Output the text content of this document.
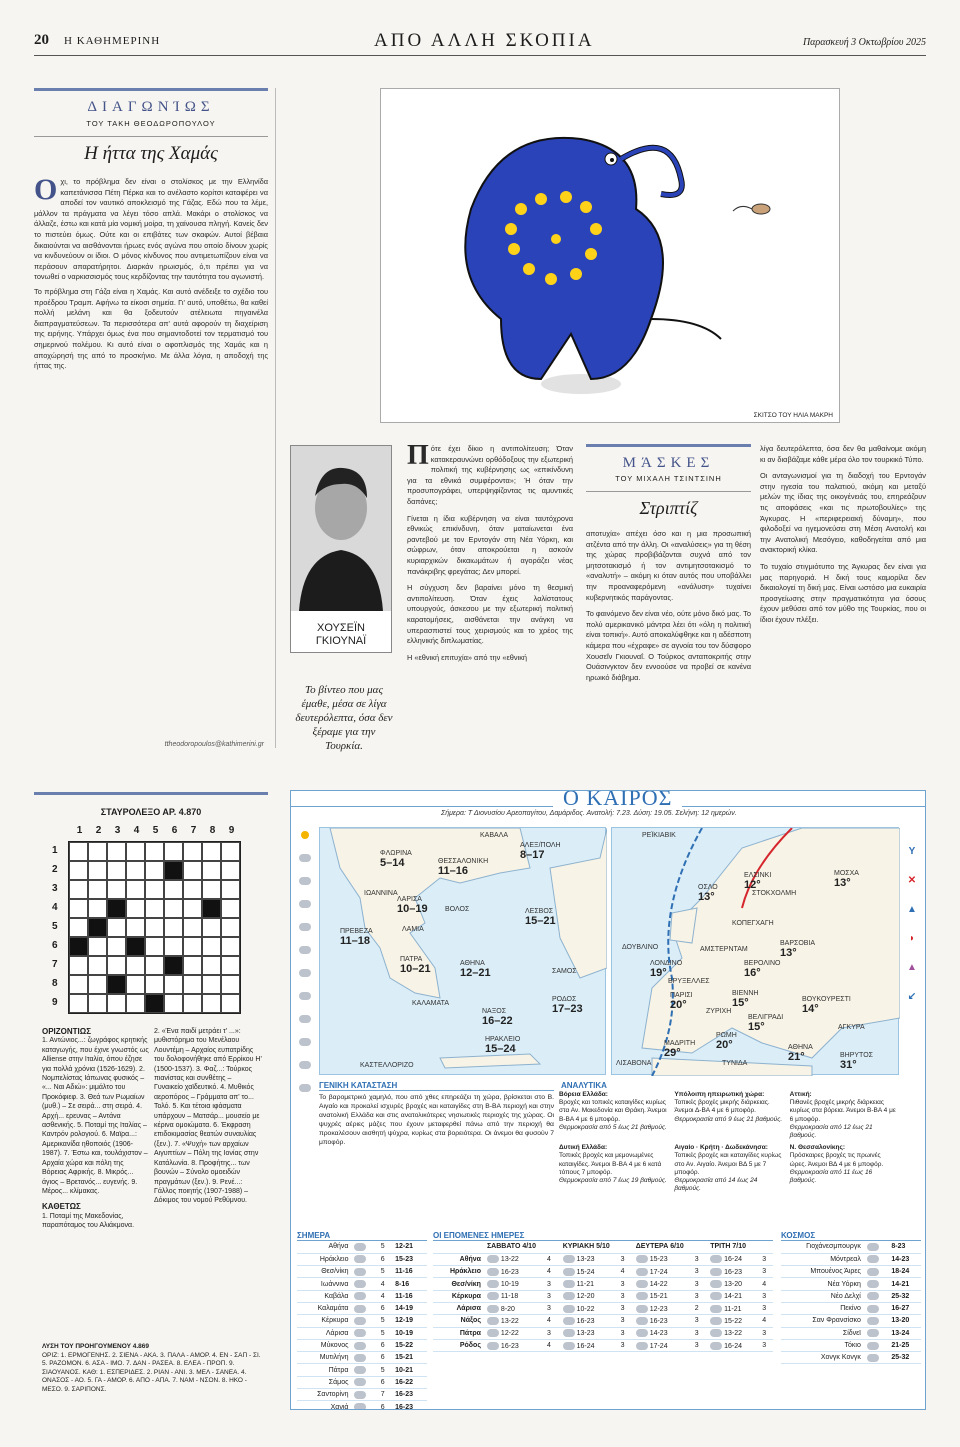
20 Η ΚΑΘΗΜΕΡΙΝΗ	ΑΠΟ ΑΛΛΗ ΣΚΟΠΙΑ	Παρασκευή 3 Οκτωβρίου 2025
ΔΙΑΓΩΝΊΩΣ
ΤΟΥ ΤΑΚΗ ΘΕΟΔΩΡΟΠΟΥΛΟΥ
Η ήττα της Χαμάς
Ο χι, το πρόβλημα δεν είναι ο στολίσκος με την Ελληνίδα καπετάνισσα Πέτη Πέρκα και το ανέλαστο κορίτσι καταφέρει να αποδεί τον ναυτικό αποκλεισμό της Γάζας. Εδώ που τα λέμε, μάλλον τα πράγματα να λέγει τόσο απλά. Μακάρι ο στολίσκος να άλλαζε, έστω και κατά μία νομική μοίρα, τη χαίνουσα πληγή. Κανείς δεν το πιστεύει όμως. Ούτε και οι επιβάτες των σκαφών. Αυτοί βέβαια δικαιούνται να αισθάνονται ήρωες ενός αγώνα που οποίο δίνουν χωρίς να κινδυνεύουν οι ίδιοι. Ο μόνος κίνδυνος που αντιμετωπίζουν είναι να περάσουν απαρατήρητοι. Διαρκάν ηρωισμός, ό,τι πρέπει για να τονωθεί ο ναρκισσισμός τους κερδίζοντας την ταυτότητα του αγωνιστή.

Το πρόβλημα στη Γάζα είναι η Χαμάς. Και αυτό ανέδειξε το σχέδιο του προέδρου Τραμπ. Αφήνω τα είκοσι σημεία. Γι' αυτό, υποθέτω, θα καθεί πολλή μελάνη και θα ξοδευτούν ατέλειωτα πηγαινέλα διαπραγματεύσεων. Τα περισσότερα απ' αυτά αφορούν τη διαχείριση της ειρήνης. Υπάρχει όμως ένα που σημαντοδοτεί τον τερματισμό του σημερινού πολέμου. Κι αυτό είναι ο αφοπλισμός της Χαμάς και η αποχώρησή της από το προσκήνιο. Με άλλα λόγια, η αποδοχή της ήττας της.

ttheodoropoulos@kathimerini.gr
ΣΚΙΤΣΟ ΤΟΥ ΗΛΙΑ ΜΑΚΡΗ
ΧΟΥΣΕΪΝ ΓΚΙΟΥΝΑΪ
Το βίντεο που μας έμαθε, μέσα σε λίγα δευτερόλεπτα, όσα δεν ξέραμε για την Τουρκία.
Π ότε έχει δίκιο η αντιπολίτευση; Όταν κατακεραυνώνει ορθόδοξους την εξωτερική πολιτική της κυβέρνησης ως «επικίνδυνη για τα εθνικά συμφέροντα»; Ή όταν την προσυπογράφει, υπερψηφίζοντας τις αμυντικές δαπάνες;

Γίνεται η ίδια κυβέρνηση να είναι ταυτόχρονα εθνικώς επικίνδυνη, όταν ματαίωνεται ένα ραντεβού με τον Ερντογάν στη Νέα Υόρκη, και σώφρων, όταν αποκρούεται η ασκούν κυριαρχικών δικαιωμάτων ή αγοράζει νέας πανάκριβης φρεγάτας; Δεν μπορεί.

Η σύγχυση δεν βαραίνει μόνο τη θεσμική αντιπολίτευση. Όταν έχεις λαλίστατους υπουργούς, άσκεσου με την εξωτερική πολιτική καρατομήσεις, αισθάνεται την ανάγκη να υπερασπιστεί τους χειρισμούς και το χρέος της ελληνικής διπλωματίας.

Η «εθνική επιτυχία» από την «εθνική

ΜΆΣΚΕΣ
ΤΟΥ ΜΙΧΑΛΗ ΤΣΙΝΤΣΙΝΗ
Στριπτίζ

αποτυχία» απέχει όσο και η μια προσωπική ατζέντα από την άλλη. Οι «αναλύσεις» για τη θέση της χώρας προβιβάζονται συχνά από τον μητσοτακισμό ή τον αντιμητσοτακισμό τo «αναλυτή» – ακόμη κι όταν αυτός που υποβάλλει την προαναφερόμενη «ανάλυση» τυχαίνει κυβερνητικός παράγοντας.

Το φαινόμενο δεν είναι νέο, ούτε μόνο δικό μας. Το πολύ αμερικανικό μάντρα λέει ότι «όλη η πολιτική είναι τοπική». Αυτό αποκαλύφθηκε και η αδέσποτη κάμερα που «έχραφε» σε αγνοία του τον δύσφορο Χουσεΐν Γκιουναΐ. Ο Τούρκος ανταποκριτής στην Ουάσινγκτον δεν εννοούσε να προβεί σε κανένα ηρωικό διάβημα.

λίγα δευτερόλεπτα, όσα δεν θα μαθαίνομε ακόμη κι αν διαβάζαμε κάθε μέρα όλο τον τουρκικό Τύπο.

Οι ανταγωνισμοί για τη διαδοχή του Ερντογάν στην ηγεσία του παλατιού, ακόμη και μεταξύ μελών της ίδιας της οικογένειάς του, επηρεάζουν τις αποφάσεις «και τις πρωτοβουλίες» της Άγκυρας. Η «περιφερειακή δύναμη», που φιλοδοξεί να ηγεμονεύσει στη Μέση Ανατολή και την Ανατολική Μεσόγειο, καθοδηγείται από μια ανακτορική κλίκα.

Το τυχαίο στιγμιότυπο της Άγκυρας δεν είναι για μας παρηγοριά. Η δική τους καμορίλα δεν δικαιολογεί τη δική μας. Είναι ωστόσο μια ευκαιρία προσγείωσης στην πραγματικότητα για όσους έχουν μεθύσει από τον μύθο της Τουρκίας, που οι ίδιοι έχουν πλέξει.

ΣΤΑΥΡΟΛΕΞΟ ΑΡ. 4.870
1	2	3	4	5	6	7	8	9
1
2
3
4
5
6
7
8
9
ΟΡΙΖΟΝΤΙΩΣ
1. Αντώνιος...: ζωγράφος κρητικής καταγωγής, που έχινε γνωστός ως Alliense στην Ιταλία, όπου έζησε για πολλά χρόνια (1526-1629). 2. Νομπελίστας Ιάπωνας φυσικός – «... Ναι Αδιώ»: μιμάλτο του Προκόφιεφ. 3. Θεά των Ρωμαίων (μυθ.) – Σε σειρά... στη σειρά. 4. Αρχή... ερευνας – Αντάνα ασθενικής. 5. Ποταμί της Ιταλίας – Καντρόν ρολογιού. 6. Μαϊρα...: Αμερικανίδα ηθοποιός (1906-1987). 7. Έστω και, τουλάχιστον – Αρχαία χώρα και πόλη της Βόρειας Αφρικής. 8. Μικρός... άγιος – Βρετανός... ευγενής. 9. Μέρος... κλίμακας.
ΚΑΘΕΤΩΣ
1. Ποταμί της Μακεδονίας, παραπόταμος του Αλιάκμονα.
2. «Ένα παιδί μετράει τ' ...»: μυθιστόρημα του Μενέλαου Λουντέμη – Αρχαίος ευπατρίδης του δολοφονήθηκε από Ερρίκου Η' (1500-1537). 3. Φαζ...: Τούρκος πιανίστας και συνθέτης – Γυναικείο χαϊδευτικό. 4. Μυθικός αεροπόρος – Γράμματα απ' το... Τολό. 5. Και τέτοια ιφάσματα υπάρχουν – Ματσάρ... μουσείο με κέρινα ομοιώματα. 6. Έκφραση επιδοκιμασίας θεατών συναυλίας (ξεν.). 7. «Ψυχή» των αρχαίων Αιγυπτίων – Πόλη της Ιονίας στην Κατάλωνία. 8. Προφήτης... των βουνών – Σύνολο ομοειδών πραγμάτων (ξεν.). 9. Ρενέ...: Γάλλος ποιητής (1907-1988) – Δόκιμος του νομού Ρεθύμνου.
ΛΥΣΗ ΤΟΥ ΠΡΟΗΓΟΥΜΕΝΟΥ 4.869
ΟΡΙΖ: 1. ΕΡΜΟΓΕΝΗΣ. 2. ΣΙΕΝΑ - ΑΚΑ. 3. ΠΑΛΑ - ΑΜΟΡ. 4. ΕΝ - ΣΑΠ - ΣΙ. 5. ΡΑΖΟΜΟΝ. 6. ΑΣΑ - ΙΜΟ. 7. ΔΑΝ - ΡΑΣΕΑ. 8. ΕΛΕΑ - ΠΡΟΠ. 9. ΣΙΑΟΥΑΝΟΣ. ΚΑΘ: 1. ΕΣΠΕΡΙΔΕΣ. 2. ΡΙΑΝ - ΑΝΙ. 3. ΜΕΛ - ΣΑΝΕΑ. 4. ΟΝΑΣΟΣ - ΑΟ. 5. ΓΑ - ΑΜΟΡ. 6. ΑΠΟ - ΑΠΑ. 7. ΝΑΜ - ΝΣΟΝ. 8. ΗΚΟ - ΜΕΣΟ. 9. ΣΑΡΙΠΟΝΣ.
Ο ΚΑΙΡΟΣ
Σήμερα: Τ Διονυσίου Αρεοπαγίτου, Δαμάριδος. Ανατολή: 7.23. Δύση: 19.05. Σελήνη: 12 ημερών.
Y
✕
▲
◗
▲
↙
ΦΛΩΡΙΝΑ
5–14	ΘΕΣΣΑΛΟΝΙΚΗ
11–16
ΑΛΕΞ/ΠΟΛΗ
8–17
ΚΑΒΑΛΑ
ΙΩΑΝΝΙΝΑ
ΛΑΡΙΣΑ
10–19 ΒΟΛΟΣ
ΛΑΜΙΑ
ΠΡΕΒΕΖΑ
11–18
ΛΕΣΒΟΣ
15–21
ΠΑΤΡΑ
10–21	ΑΘΗΝΑ
12–21	ΣΑΜΟΣ
ΚΑΛΑΜΑΤΑ
ΝΑΞΟΣ
16–22
ΡΟΔΟΣ
17–23
ΚΑΣΤΕΛΛΟΡΙΖΟ
ΗΡΑΚΛΕΙΟ
15–24
ΡΕΪΚΙΑΒΙΚ
ΕΛΣΙΝΚΙ
12°
ΣΤΟΚΧΟΛΜΗ
ΟΣΛΟ
13°
ΜΟΣΧΑ
13°
ΚΟΠΕΓΧΑΓΗ
ΔΟΥΒΛΙΝΟ	ΑΜΣΤΕΡΝΤΑΜ
ΒΑΡΣΟΒΙΑ
13°
ΛΟΝΔΙΝΟ
19°
ΒΕΡΟΛΙΝΟ
16°
ΒΡΥΞΕΛΛΕΣ
ΠΑΡΙΣΙ
20°
ΒΙΕΝΝΗ
15°
ΖΥΡΙΧΗ
ΒΟΥΚΟΥΡΕΣΤΙ
14°
ΒΕΛΙΓΡΑΔΙ
15°
ΡΩΜΗ
20°
ΜΑΔΡΙΤΗ
29°	ΑΘΗΝΑ
21°
ΑΓΚΥΡΑ
ΛΙΣΑΒΟΝΑ	ΤΥΝΙΔΑ
ΒΗΡΥΤΟΣ
31°
ΓΕΝΙΚΗ ΚΑΤΑΣΤΑΣΗ
Το βαρομετρικό χαμηλό, που από χθες επηρεάζει τη χώρα, βρίσκεται στο Β. Αιγαίο και προκαλεί ισχυρές βροχές και καταιγίδες στη Β-ΒΑ περιοχή και στην ανατολική Ελλάδα και στις ανατολικότερες νησιωτικές περιοχές της χώρας. Οι ψυχρές αέριες μάζες που έχουν μεταφερθεί πάνω από την περιοχή θα προκαλέσουν αισθητή ψύχρα, κυρίως στα βορειότερα. Οι άνεμοι θα φυσούν 7 μποφόρ.
ΑΝΑΛΥΤΙΚΑ
Βόρεια Ελλάδα:
Βροχές και τοπικές καταιγίδες κυρίως στα Αν. Μακεδονία και Θράκη. Άνεμοι Β-ΒΑ 4 με 6 μποφόρ.
Θερμοκρασία από 5 έως 21 βαθμούς.
Υπόλοιπη ηπειρωτική χώρα:
Τοπικές βροχές μικρής διάρκειας. Άνεμοι Δ-ΒΑ 4 με 6 μποφόρ.
Θερμοκρασία από 9 έως 21 βαθμούς.
Αττική:
Πιθανές βροχές μικρής διάρκειας κυρίως στα βόρεια. Άνεμοι Β-ΒΑ 4 με 6 μποφόρ.
Θερμοκρασία από 12 έως 21 βαθμούς.
Δυτική Ελλάδα:
Τοπικές βροχές και μεμονωμένες καταιγίδες. Άνεμοι Β-ΒΑ 4 με 6 κατά τόπους 7 μποφόρ.
Θερμοκρασία από 7 έως 19 βαθμούς.
Αιγαίο · Κρήτη · Δωδεκάνησα:
Τοπικές βροχές και καταιγίδες κυρίως στο Αν. Αιγαίο. Άνεμοι ΒΔ 5 με 7 μποφόρ.
Θερμοκρασία από 14 έως 24 βαθμούς.
Ν. Θεσσαλονίκης:
Πρόσκαιρες βροχές τις πρωινές ώρες. Άνεμοι ΒΔ 4 με 6 μποφόρ.
Θερμοκρασία από 11 έως 16 βαθμούς.
ΣΗΜΕΡΑ
Αθήνα		5	12-21
Ηράκλειο		6	15-23
Θεσ/νίκη		5	11-16
Ιωάννινα		4	8-16
Καβάλα		4	11-16
Καλαμάτα		6	14-19
Κέρκυρα		5	12-19
Λάρισα		5	10-19
Μύκονος		6	15-22
Μυτιλήνη		6	15-21
Πάτρα		5	10-21
Σάμος		6	16-22
Σαντορίνη		7	16-23
Χανιά		6	16-23
ΟΙ ΕΠΟΜΕΝΕΣ ΗΜΕΡΕΣ
	ΣΑΒΒΑΤΟ 4/10		ΚΥΡΙΑΚΗ 5/10		ΔΕΥΤΕΡΑ 6/10		ΤΡΙΤΗ 7/10	
Αθήνα	13-22	4	13-23	3	15-23	3	16-24	3
Ηράκλειο	16-23	4	15-24	4	17-24	3	16-23	3
Θεσ/νίκη	10-19	3	11-21	3	14-22	3	13-20	4
Κέρκυρα	11-18	3	12-20	3	15-21	3	14-21	3
Λάρισα	8-20	3	10-22	3	12-23	2	11-21	3
Νάξος	13-22	4	16-23	3	16-23	3	15-22	4
Πάτρα	12-22	3	13-23	3	14-23	3	13-22	3
Ρόδος	16-23	4	16-24	3	17-24	3	16-24	3
ΚΟΣΜΟΣ
Γιοχάνεσμπουργκ		8-23
Μόντρεαλ		14-23
Μπουένος Άιρες		18-24
Νέα Υόρκη		14-21
Νέο Δελχί		25-32
Πεκίνο		16-27
Σαν Φρανσίσκο		13-20
Σίδνεϊ		13-24
Τόκιο		21-25
Χονγκ Κονγκ		25-32
